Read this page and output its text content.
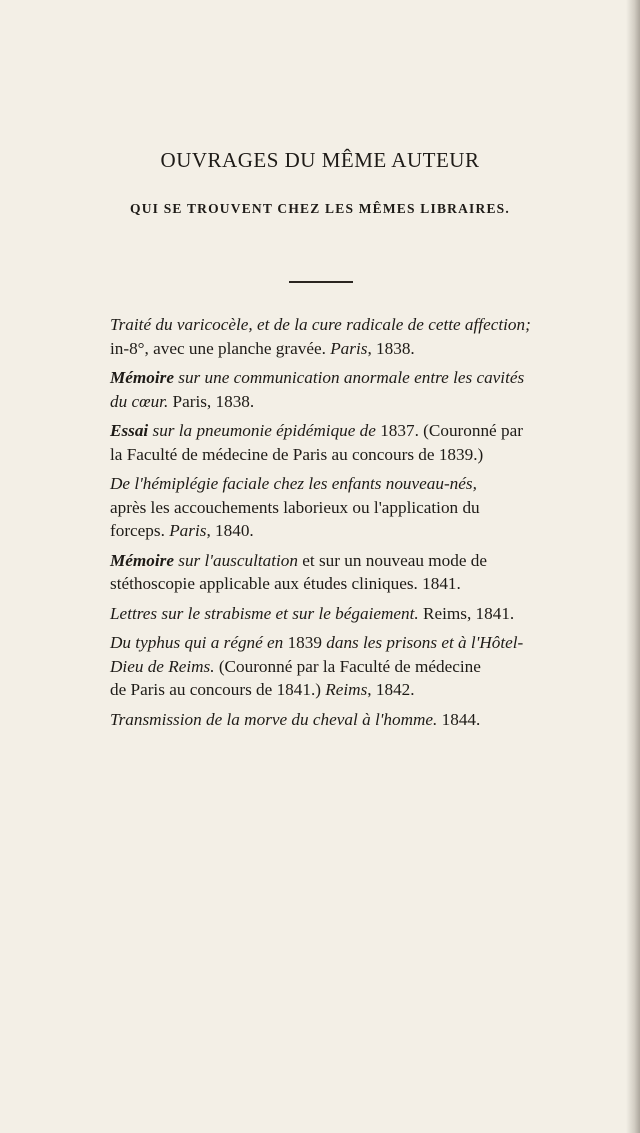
OUVRAGES DU MÊME AUTEUR
QUI SE TROUVENT CHEZ LES MÊMES LIBRAIRES.
Traité du varicocèle, et de la cure radicale de cette affection;
in-8°, avec une planche gravée. Paris, 1838.
Mémoire sur une communication anormale entre les cavités
du cœur. Paris, 1838.
Essai sur la pneumonie épidémique de 1837. (Couronné par
la Faculté de médecine de Paris au concours de 1839.)
De l'hémiplégie faciale chez les enfants nouveau-nés,
après les accouchements laborieux ou l'application du
forceps. Paris, 1840.
Mémoire sur l'auscultation et sur un nouveau mode de
stéthoscopie applicable aux études cliniques. 1841.
Lettres sur le strabisme et sur le bégaiement. Reims, 1841.
Du typhus qui a régné en 1839 dans les prisons et à l'Hôtel-
Dieu de Reims. (Couronné par la Faculté de médecine
de Paris au concours de 1841.) Reims, 1842.
Transmission de la morve du cheval à l'homme. 1844.
